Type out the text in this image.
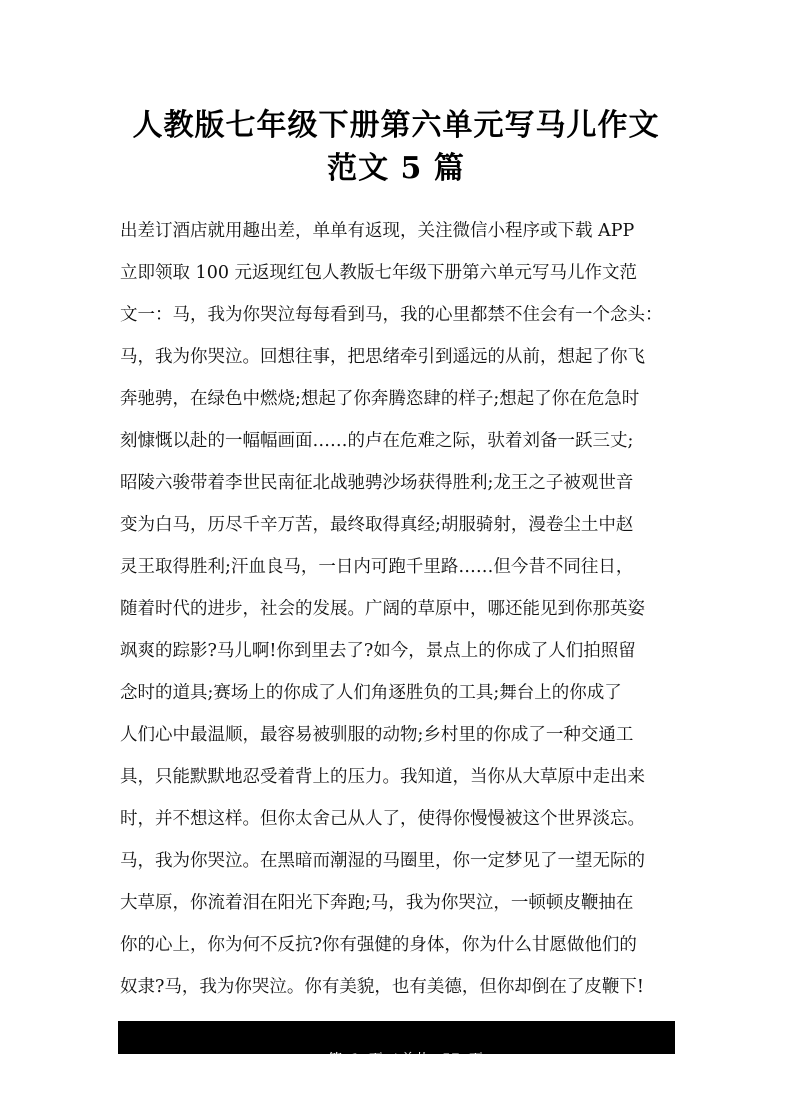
人教版七年级下册第六单元写马儿作文
范文 5 篇
出差订酒店就用趣出差，单单有返现，关注微信小程序或下载 APP
立即领取 100 元返现红包人教版七年级下册第六单元写马儿作文范
文一：马，我为你哭泣每每看到马，我的心里都禁不住会有一个念头：
马，我为你哭泣。回想往事，把思绪牵引到遥远的从前，想起了你飞
奔驰骋，在绿色中燃烧;想起了你奔腾恣肆的样子;想起了你在危急时
刻慷慨以赴的一幅幅画面……的卢在危难之际，驮着刘备一跃三丈;
昭陵六骏带着李世民南征北战驰骋沙场获得胜利;龙王之子被观世音
变为白马，历尽千辛万苦，最终取得真经;胡服骑射，漫卷尘土中赵
灵王取得胜利;汗血良马，一日内可跑千里路……但今昔不同往日，
随着时代的进步，社会的发展。广阔的草原中，哪还能见到你那英姿
飒爽的踪影?马儿啊!你到里去了?如今，景点上的你成了人们拍照留
念时的道具;赛场上的你成了人们角逐胜负的工具;舞台上的你成了
人们心中最温顺，最容易被驯服的动物;乡村里的你成了一种交通工
具，只能默默地忍受着背上的压力。我知道，当你从大草原中走出来
时，并不想这样。但你太舍己从人了，使得你慢慢被这个世界淡忘。
马，我为你哭泣。在黑暗而潮湿的马圈里，你一定梦见了一望无际的
大草原，你流着泪在阳光下奔跑;马，我为你哭泣，一顿顿皮鞭抽在
你的心上，你为何不反抗?你有强健的身体，你为什么甘愿做他们的
奴隶?马，我为你哭泣。你有美貌，也有美德，但你却倒在了皮鞭下!

第  1  页  / 总共   57  页
